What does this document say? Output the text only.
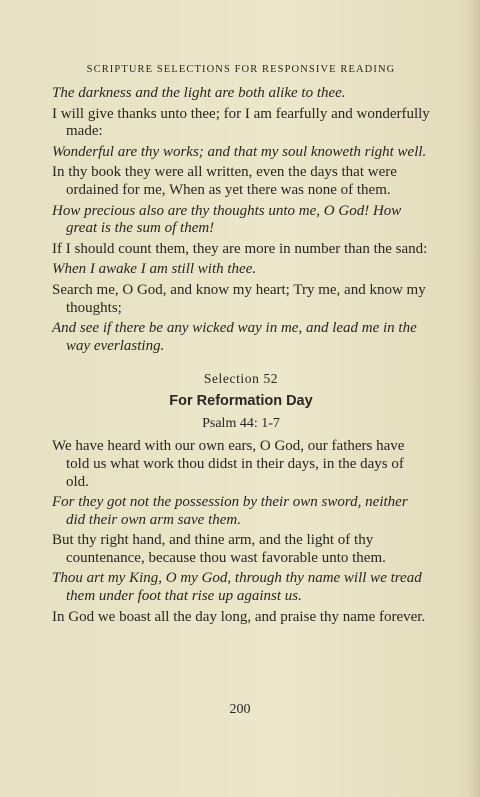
SCRIPTURE SELECTIONS FOR RESPONSIVE READING

The darkness and the light are both alike to thee.

I will give thanks unto thee; for I am fearfully and wonderfully made:

Wonderful are thy works; and that my soul knoweth right well.

In thy book they were all written, even the days that were ordained for me, When as yet there was none of them.

How precious also are thy thoughts unto me, O God! How great is the sum of them!

If I should count them, they are more in number than the sand:

When I awake I am still with thee.

Search me, O God, and know my heart; Try me, and know my thoughts;

And see if there be any wicked way in me, and lead me in the way everlasting.

Selection 52
For Reformation Day
Psalm 44: 1-7

We have heard with our own ears, O God, our fathers have told us what work thou didst in their days, in the days of old.

For they got not the possession by their own sword, neither did their own arm save them.

But thy right hand, and thine arm, and the light of thy countenance, because thou wast favorable unto them.

Thou art my King, O my God, through thy name will we tread them under foot that rise up against us.

In God we boast all the day long, and praise thy name forever.

200
